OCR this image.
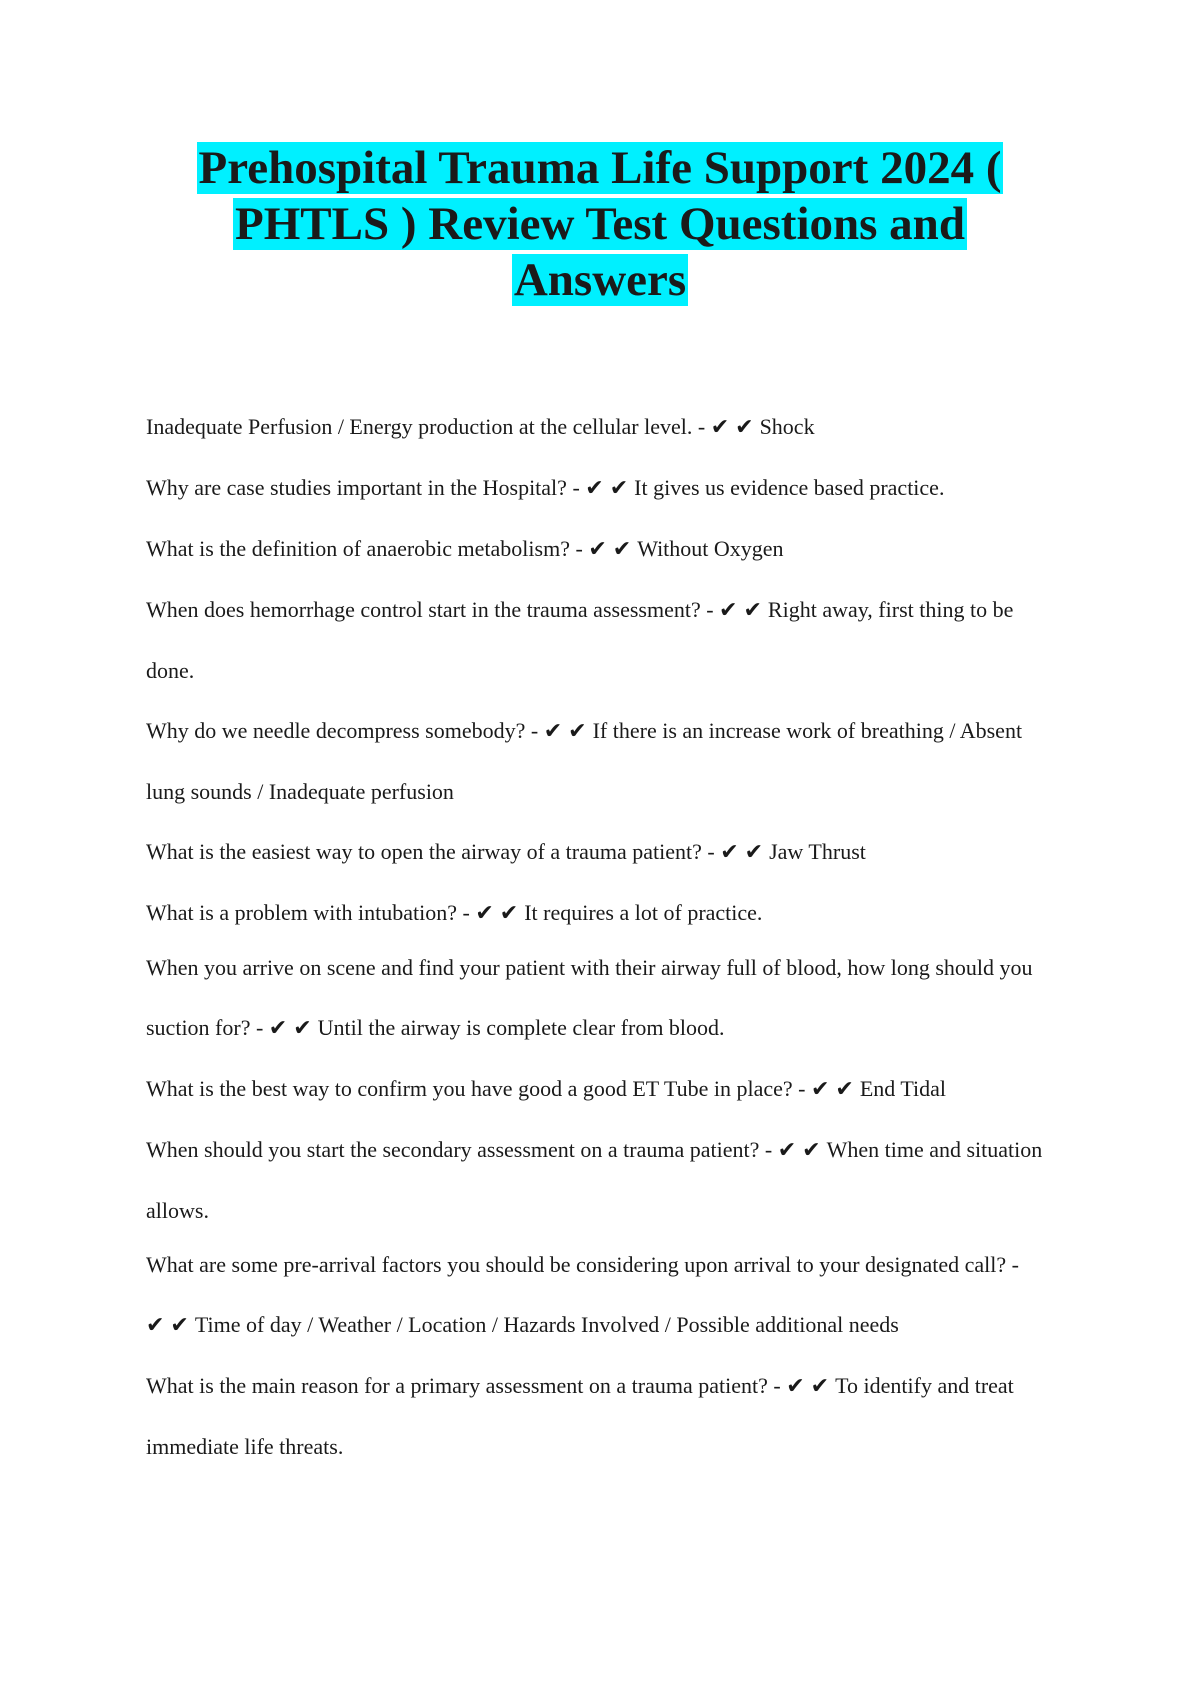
Prehospital Trauma Life Support 2024 ( PHTLS ) Review Test Questions and Answers

Inadequate Perfusion / Energy production at the cellular level. - ✔✔Shock

Why are case studies important in the Hospital? - ✔✔It gives us evidence based practice.

What is the definition of anaerobic metabolism? - ✔✔Without Oxygen

When does hemorrhage control start in the trauma assessment? - ✔✔Right away, first thing to be done.

Why do we needle decompress somebody? - ✔✔If there is an increase work of breathing / Absent lung sounds / Inadequate perfusion

What is the easiest way to open the airway of a trauma patient? - ✔✔Jaw Thrust

What is a problem with intubation? - ✔✔It requires a lot of practice.

When you arrive on scene and find your patient with their airway full of blood, how long should you suction for? - ✔✔Until the airway is complete clear from blood.

What is the best way to confirm you have good a good ET Tube in place? - ✔✔End Tidal

When should you start the secondary assessment on a trauma patient? - ✔✔When time and situation allows.

What are some pre-arrival factors you should be considering upon arrival to your designated call? - ✔✔Time of day / Weather / Location / Hazards Involved / Possible additional needs

What is the main reason for a primary assessment on a trauma patient? - ✔✔To identify and treat immediate life threats.
